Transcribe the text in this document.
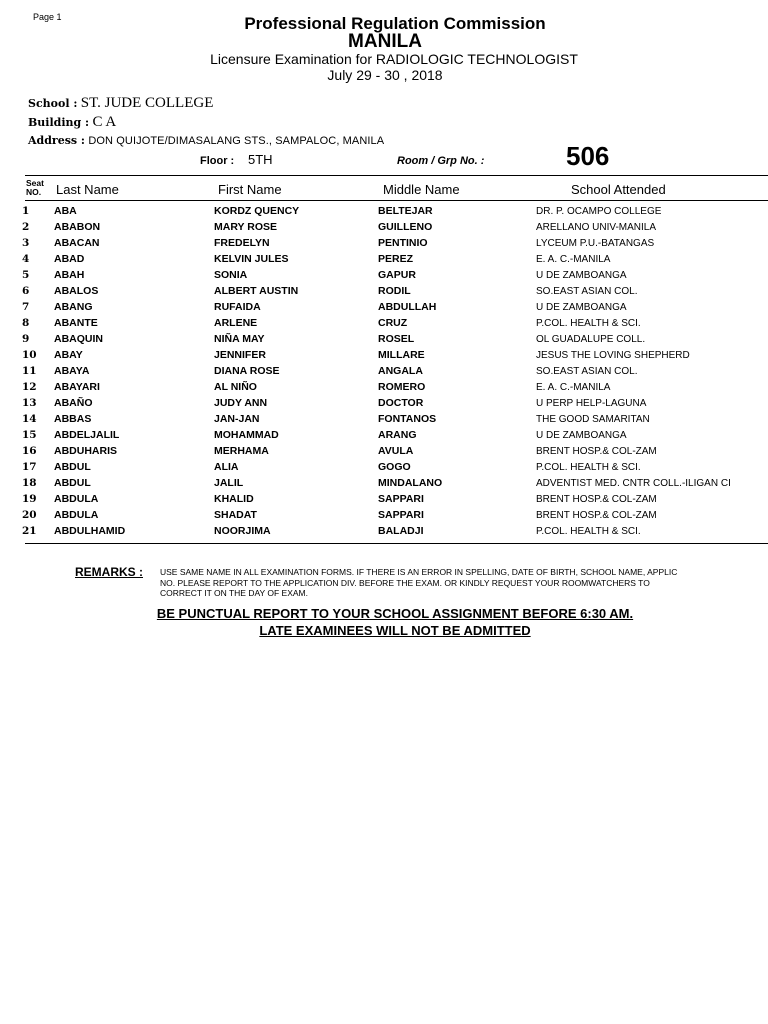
Page 1	Professional Regulation Commission
MANILA
Licensure Examination for RADIOLOGIC TECHNOLOGIST
July 29 - 30 , 2018
School : ST. JUDE COLLEGE
Building : C A
Address : DON QUIJOTE/DIMASALANG STS., SAMPALOC, MANILA
Floor : 5TH	Room / Grp No. :	506
Seat
NO. Last Name	First Name	Middle Name	School Attended
1	ABA	KORDZ QUENCY	BELTEJAR	DR. P. OCAMPO COLLEGE
2	ABABON	MARY ROSE	GUILLENO	ARELLANO UNIV-MANILA
3	ABACAN	FREDELYN	PENTINIO	LYCEUM P.U.-BATANGAS
4	ABAD	KELVIN JULES	PEREZ	E. A. C.-MANILA
5	ABAH	SONIA	GAPUR	U DE ZAMBOANGA
6	ABALOS	ALBERT AUSTIN	RODIL	SO.EAST ASIAN COL.
7	ABANG	RUFAIDA	ABDULLAH	U DE ZAMBOANGA
8	ABANTE	ARLENE	CRUZ	P.COL. HEALTH & SCI.
9	ABAQUIN	NIÑA MAY	ROSEL	OL GUADALUPE COLL.
10	ABAY	JENNIFER	MILLARE	JESUS THE LOVING SHEPHERD
11	ABAYA	DIANA ROSE	ANGALA	SO.EAST ASIAN COL.
12	ABAYARI	AL NIÑO	ROMERO	E. A. C.-MANILA
13	ABAÑO	JUDY ANN	DOCTOR	U PERP HELP-LAGUNA
14	ABBAS	JAN-JAN	FONTANOS	THE GOOD SAMARITAN
15	ABDELJALIL	MOHAMMAD	ARANG	U DE ZAMBOANGA
16	ABDUHARIS	MERHAMA	AVULA	BRENT HOSP.& COL-ZAM
17	ABDUL	ALIA	GOGO	P.COL. HEALTH & SCI.
18	ABDUL	JALIL	MINDALANO	ADVENTIST MED. CNTR COLL.-ILIGAN CI
19	ABDULA	KHALID	SAPPARI	BRENT HOSP.& COL-ZAM
20	ABDULA	SHADAT	SAPPARI	BRENT HOSP.& COL-ZAM
21	ABDULHAMID	NOORJIMA	BALADJI	P.COL. HEALTH & SCI.
REMARKS : USE SAME NAME IN ALL EXAMINATION FORMS. IF THERE IS AN ERROR IN SPELLING, DATE OF BIRTH, SCHOOL NAME, APPLIC NO. PLEASE REPORT TO THE APPLICATION DIV. BEFORE THE EXAM. OR KINDLY REQUEST YOUR ROOMWATCHERS TO CORRECT IT ON THE DAY OF EXAM.
BE PUNCTUAL REPORT TO YOUR SCHOOL ASSIGNMENT BEFORE 6:30 AM.
LATE EXAMINEES WILL NOT BE ADMITTED
